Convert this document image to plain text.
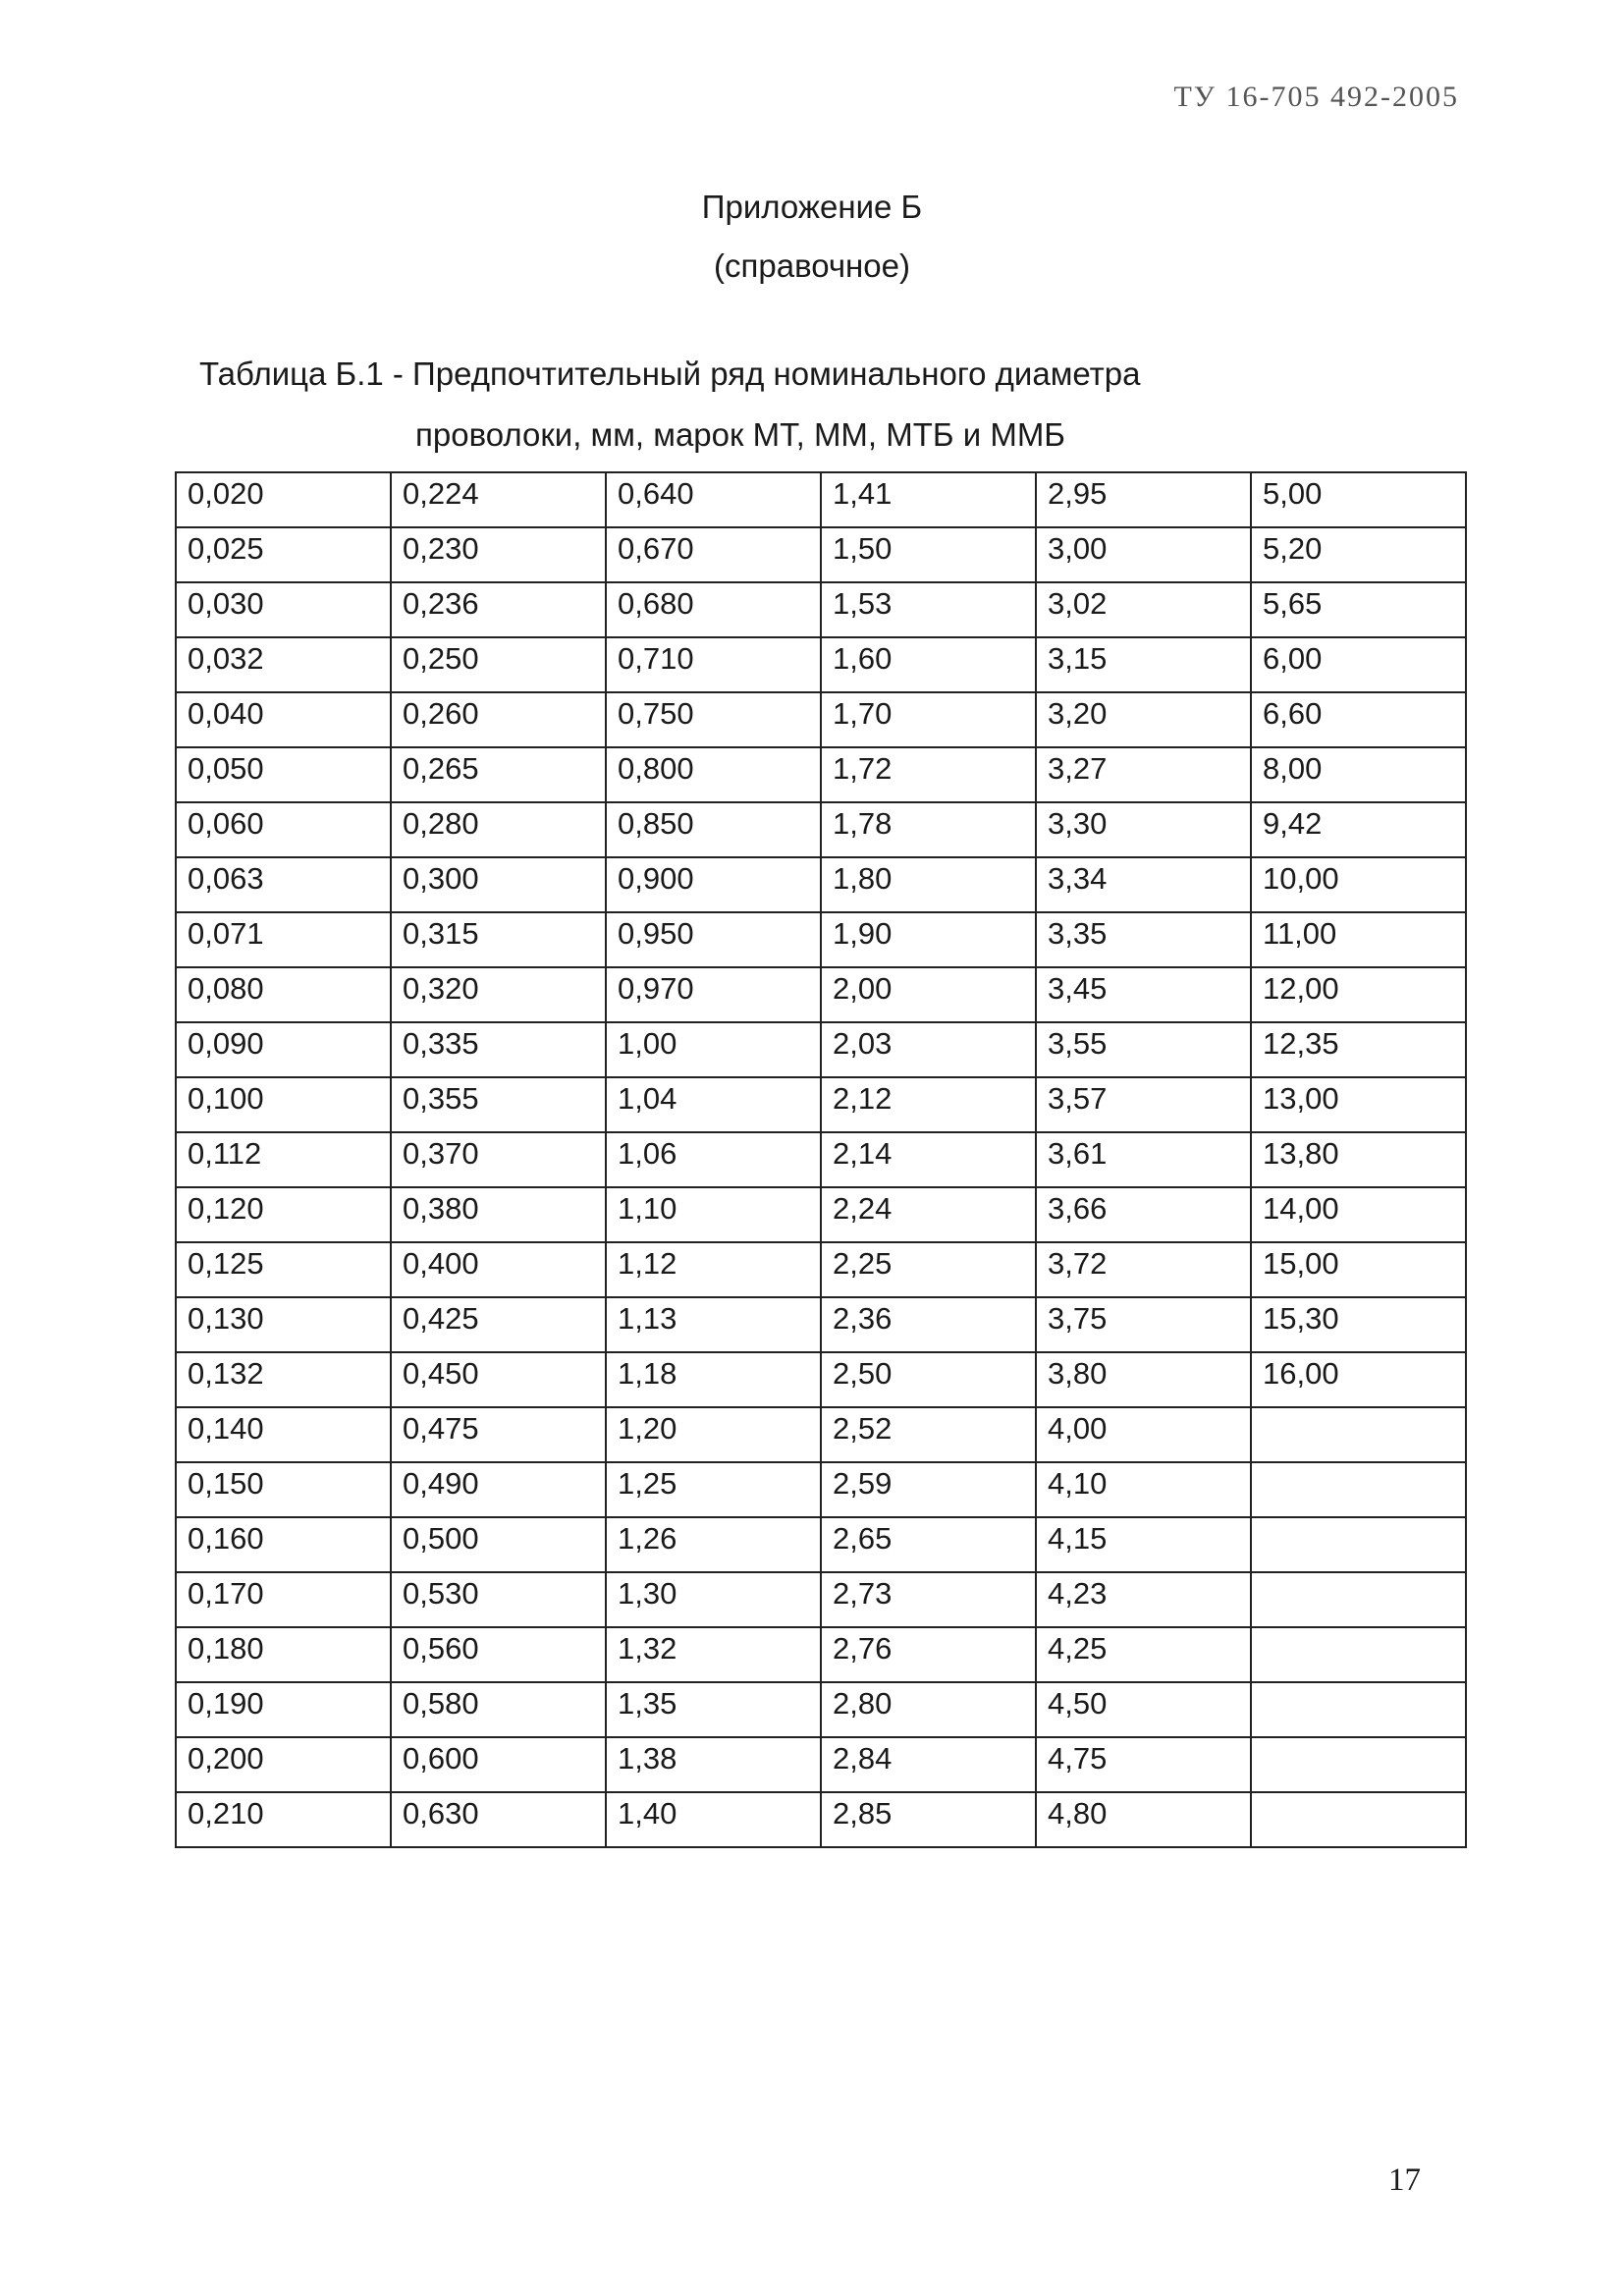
ТУ 16-705 492-2005
Приложение Б
(справочное)
Таблица Б.1 - Предпочтительный ряд номинального диаметра
проволоки, мм, марок МТ, ММ, МТБ и ММБ
0,020	0,224	0,640	1,41	2,95	5,00
0,025	0,230	0,670	1,50	3,00	5,20
0,030	0,236	0,680	1,53	3,02	5,65
0,032	0,250	0,710	1,60	3,15	6,00
0,040	0,260	0,750	1,70	3,20	6,60
0,050	0,265	0,800	1,72	3,27	8,00
0,060	0,280	0,850	1,78	3,30	9,42
0,063	0,300	0,900	1,80	3,34	10,00
0,071	0,315	0,950	1,90	3,35	11,00
0,080	0,320	0,970	2,00	3,45	12,00
0,090	0,335	1,00	2,03	3,55	12,35
0,100	0,355	1,04	2,12	3,57	13,00
0,112	0,370	1,06	2,14	3,61	13,80
0,120	0,380	1,10	2,24	3,66	14,00
0,125	0,400	1,12	2,25	3,72	15,00
0,130	0,425	1,13	2,36	3,75	15,30
0,132	0,450	1,18	2,50	3,80	16,00
0,140	0,475	1,20	2,52	4,00	
0,150	0,490	1,25	2,59	4,10	
0,160	0,500	1,26	2,65	4,15	
0,170	0,530	1,30	2,73	4,23	
0,180	0,560	1,32	2,76	4,25	
0,190	0,580	1,35	2,80	4,50	
0,200	0,600	1,38	2,84	4,75	
0,210	0,630	1,40	2,85	4,80	
17
